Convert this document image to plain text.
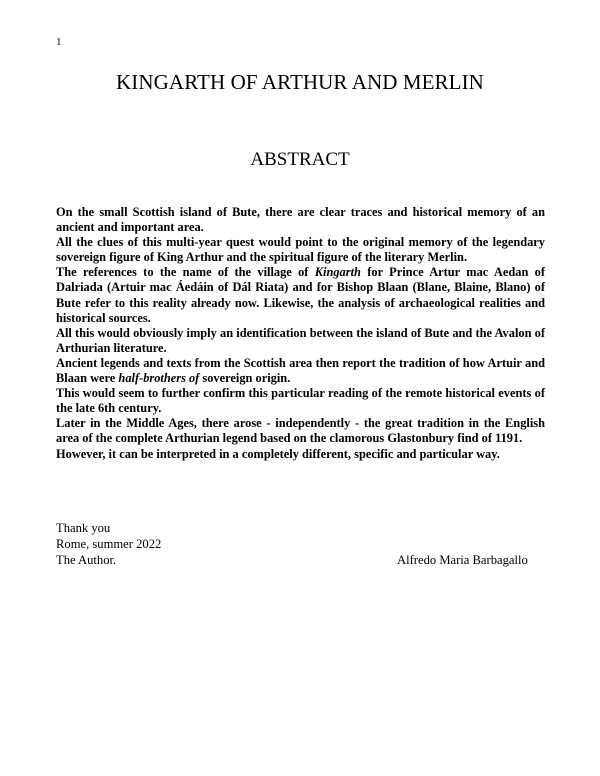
1
KINGARTH OF ARTHUR AND MERLIN
ABSTRACT

On the small Scottish island of Bute, there are clear traces and historical memory of an ancient and important area.

All the clues of this multi-year quest would point to the original memory of the legendary sovereign figure of King Arthur and the spiritual figure of the literary Merlin.

The references to the name of the village of Kingarth for Prince Artur mac Aedan of Dalriada (Artuir mac Áedáin of Dál Riata) and for Bishop Blaan (Blane, Blaine, Blano) of Bute refer to this reality already now. Likewise, the analysis of archaeological realities and historical sources.

All this would obviously imply an identification between the island of Bute and the Avalon of Arthurian literature.

Ancient legends and texts from the Scottish area then report the tradition of how Artuir and Blaan were half-brothers of sovereign origin.

This would seem to further confirm this particular reading of the remote historical events of the late 6th century.

Later in the Middle Ages, there arose - independently - the great tradition in the English area of the complete Arthurian legend based on the clamorous Glastonbury find of 1191.

However, it can be interpreted in a completely different, specific and particular way.

Thank you
Rome, summer 2022
The Author.	Alfredo Maria Barbagallo
